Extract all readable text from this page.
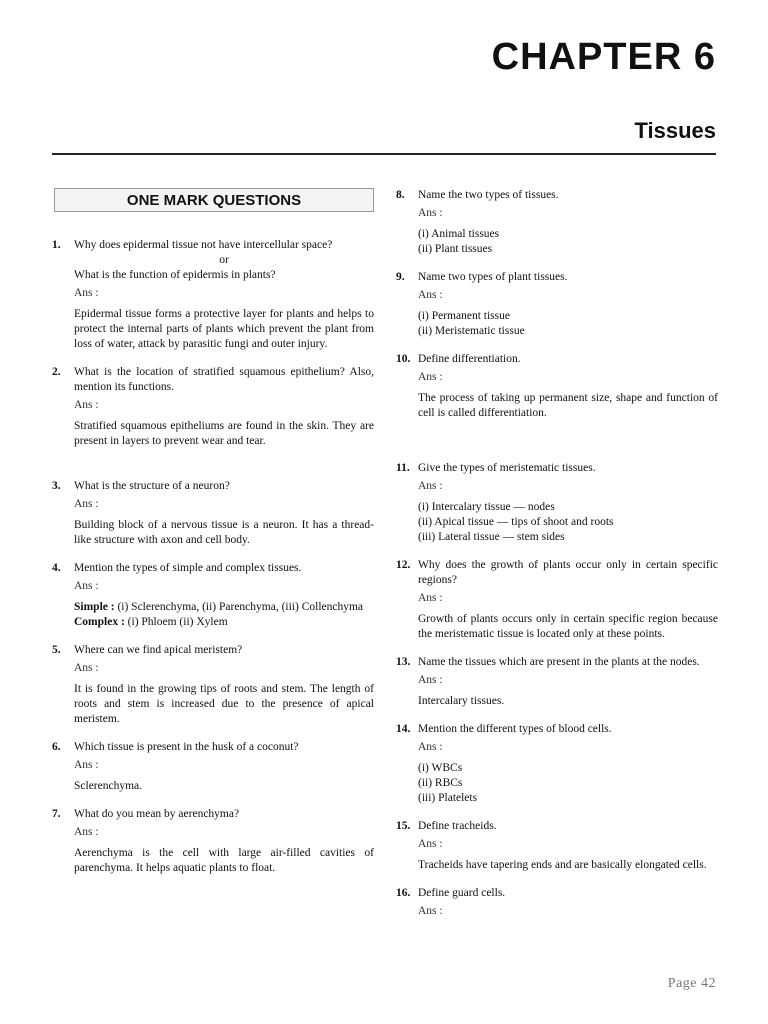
CHAPTER 6
Tissues
ONE MARK QUESTIONS
1.	Why does epidermal tissue not have intercellular space?
or
What is the function of epidermis in plants?
Ans :
Epidermal tissue forms a protective layer for plants and helps to protect the internal parts of plants which prevent the plant from loss of water, attack by parasitic fungi and outer injury.
2.	What is the location of stratified squamous epithelium? Also, mention its functions.
Ans :
Stratified squamous epitheliums are found in the skin. They are present in layers to prevent wear and tear.
3.	What is the structure of a neuron?
Ans :
Building block of a nervous tissue is a neuron. It has a thread-like structure with axon and cell body.
4.	Mention the types of simple and complex tissues.
Ans :
Simple : (i) Sclerenchyma, (ii) Parenchyma, (iii) Collenchyma
Complex : (i) Phloem (ii) Xylem
5.	Where can we find apical meristem?
Ans :
It is found in the growing tips of roots and stem. The length of roots and stem is increased due to the presence of apical meristem.
6.	Which tissue is present in the husk of a coconut?
Ans :
Sclerenchyma.
7.	What do you mean by aerenchyma?
Ans :
Aerenchyma is the cell with large air-filled cavities of parenchyma. It helps aquatic plants to float.
8.	Name the two types of tissues.
Ans :
(i) Animal tissues
(ii) Plant tissues
9.	Name two types of plant tissues.
Ans :
(i) Permanent tissue
(ii) Meristematic tissue
10. Define differentiation.
Ans :
The process of taking up permanent size, shape and function of cell is called differentiation.
11. Give the types of meristematic tissues.
Ans :
(i) Intercalary tissue — nodes
(ii) Apical tissue — tips of shoot and roots
(iii) Lateral tissue — stem sides
12. Why does the growth of plants occur only in certain specific regions?
Ans :
Growth of plants occurs only in certain specific region because the meristematic tissue is located only at these points.
13. Name the tissues which are present in the plants at the nodes.
Ans :
Intercalary tissues.
14. Mention the different types of blood cells.
Ans :
(i) WBCs
(ii) RBCs
(iii) Platelets
15. Define tracheids.
Ans :
Tracheids have tapering ends and are basically elongated cells.
16. Define guard cells.
Ans :
Page 42
